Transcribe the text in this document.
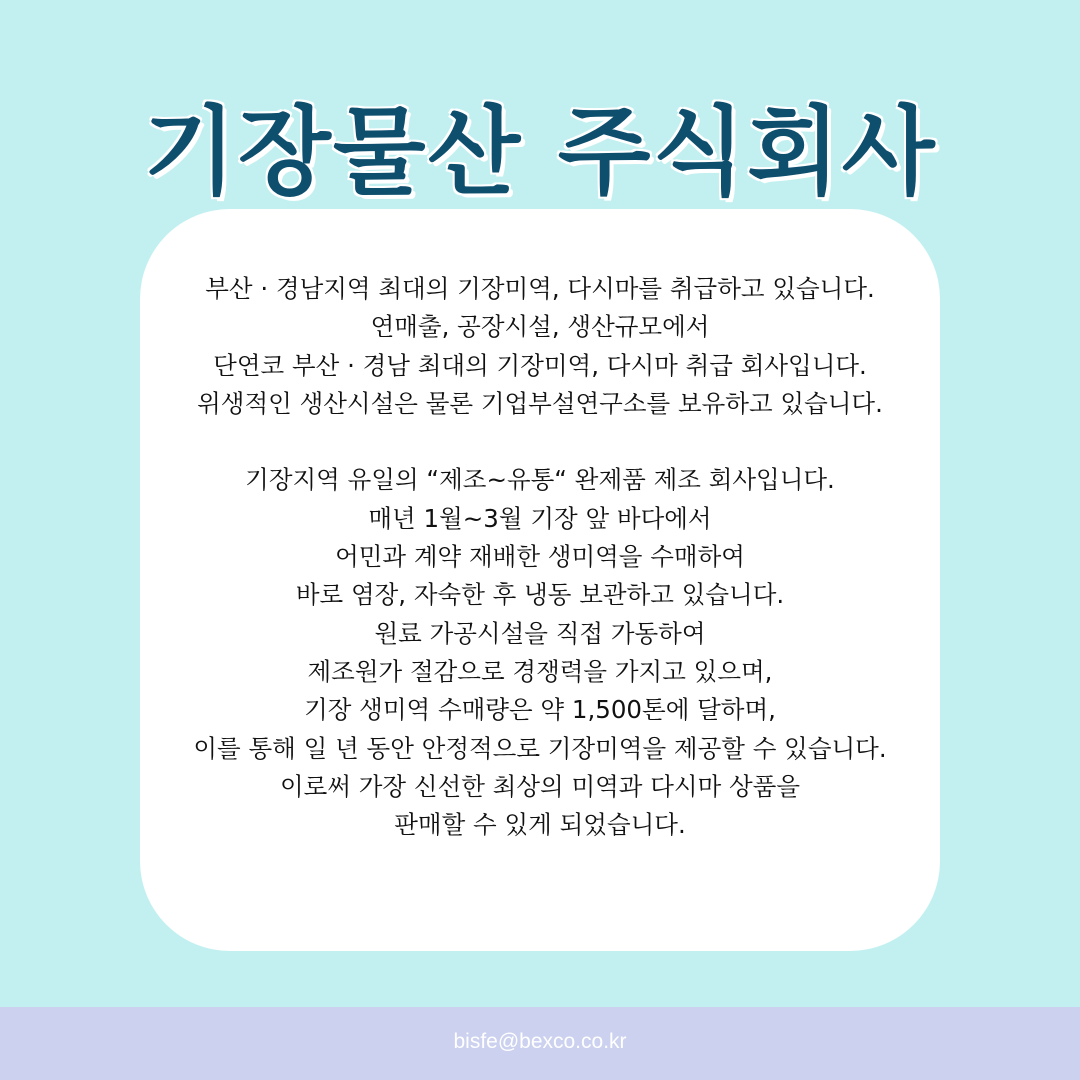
기장물산 주식회사

부산 · 경남지역 최대의 기장미역, 다시마를 취급하고 있습니다.
연매출, 공장시설, 생산규모에서
단연코 부산 · 경남 최대의 기장미역, 다시마 취급 회사입니다.
위생적인 생산시설은 물론 기업부설연구소를 보유하고 있습니다.

기장지역 유일의 “제조~유통“ 완제품 제조 회사입니다.
매년 1월~3월 기장 앞 바다에서
어민과 계약 재배한 생미역을 수매하여
바로 염장, 자숙한 후 냉동 보관하고 있습니다.
원료 가공시설을 직접 가동하여
제조원가 절감으로 경쟁력을 가지고 있으며,
기장 생미역 수매량은 약 1,500톤에 달하며,
이를 통해 일 년 동안 안정적으로 기장미역을 제공할 수 있습니다.
이로써 가장 신선한 최상의 미역과 다시마 상품을
판매할 수 있게 되었습니다.

bisfe@bexco.co.kr
